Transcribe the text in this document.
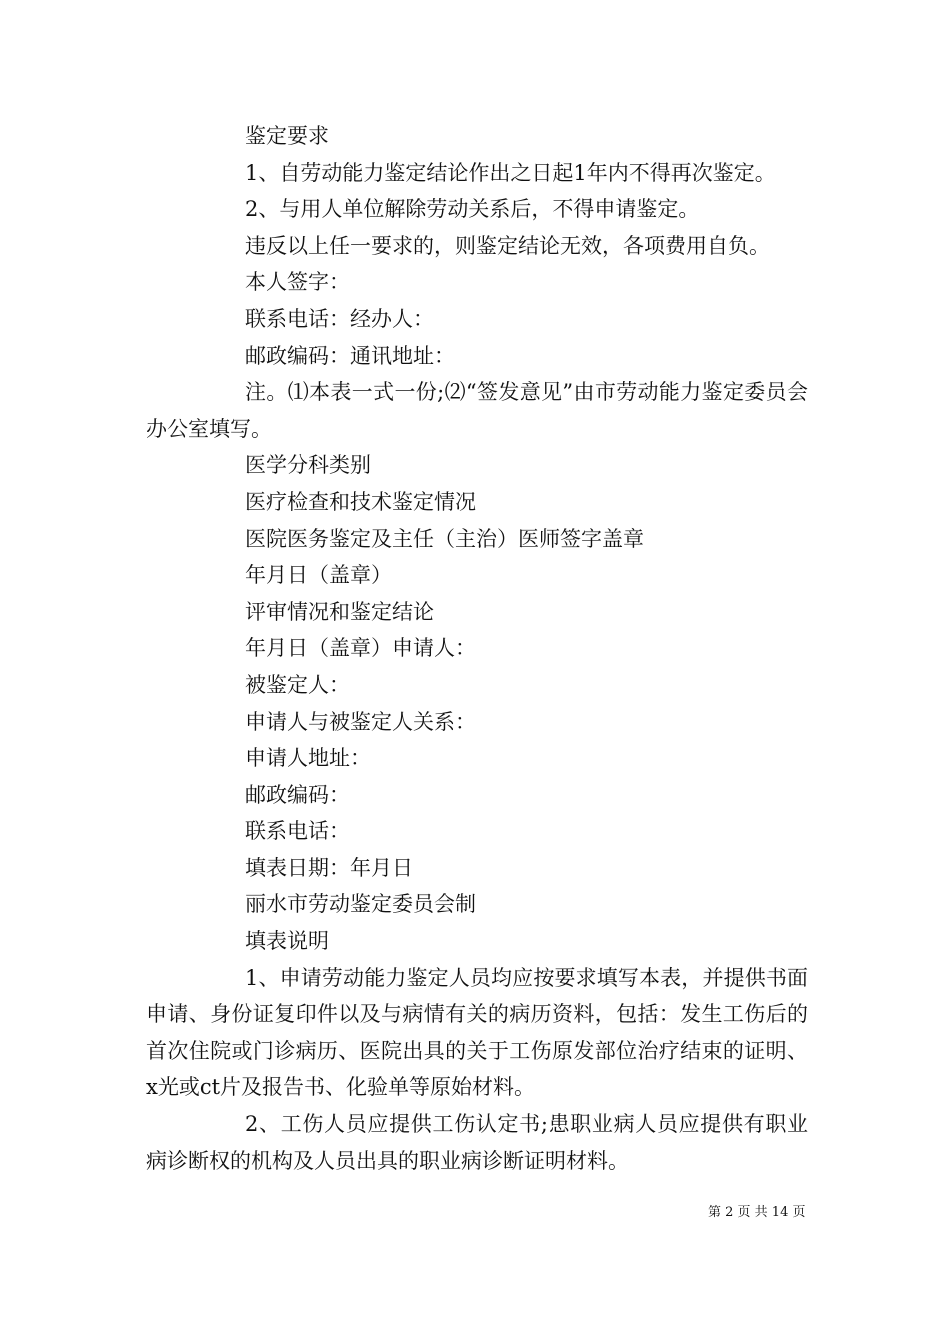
鉴定要求
1、自劳动能力鉴定结论作出之日起1年内不得再次鉴定。
2、与用人单位解除劳动关系后，不得申请鉴定。
违反以上任一要求的，则鉴定结论无效，各项费用自负。
本人签字：
联系电话：经办人：
邮政编码：通讯地址：

注。⑴本表一式一份;⑵“签发意见”由市劳动能力鉴定委员会办公室填写。

医学分科类别
医疗检查和技术鉴定情况
医院医务鉴定及主任（主治）医师签字盖章
年月日（盖章）
评审情况和鉴定结论
年月日（盖章）申请人：
被鉴定人：
申请人与被鉴定人关系：
申请人地址：
邮政编码：
联系电话：
填表日期：年月日
丽水市劳动鉴定委员会制
填表说明

1、申请劳动能力鉴定人员均应按要求填写本表，并提供书面申请、身份证复印件以及与病情有关的病历资料，包括：发生工伤后的首次住院或门诊病历、医院出具的关于工伤原发部位治疗结束的证明、x光或ct片及报告书、化验单等原始材料。

2、工伤人员应提供工伤认定书;患职业病人员应提供有职业病诊断权的机构及人员出具的职业病诊断证明材料。

第 2 页 共 14 页
